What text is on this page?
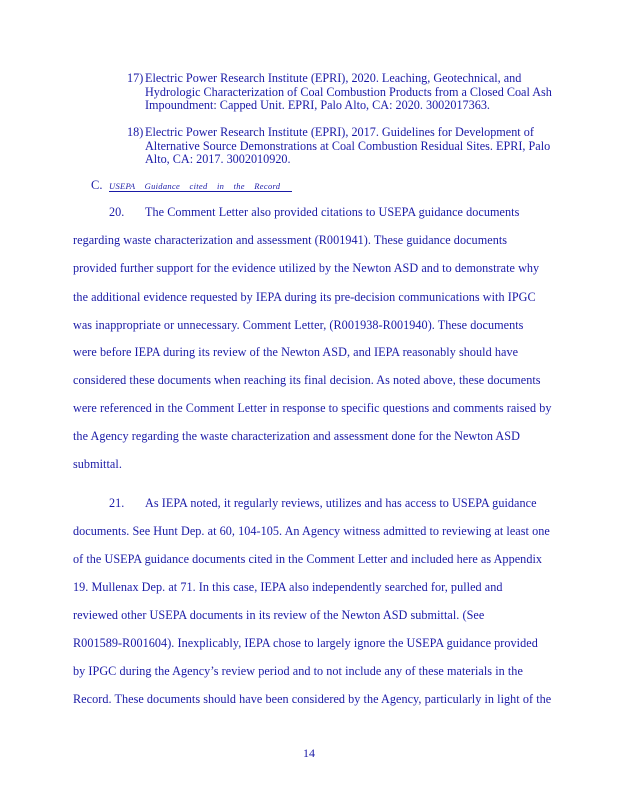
17) Electric Power Research Institute (EPRI), 2020. Leaching, Geotechnical, and Hydrologic Characterization of Coal Combustion Products from a Closed Coal Ash Impoundment: Capped Unit. EPRI, Palo Alto, CA: 2020. 3002017363.
18) Electric Power Research Institute (EPRI), 2017. Guidelines for Development of Alternative Source Demonstrations at Coal Combustion Residual Sites. EPRI, Palo Alto, CA: 2017. 3002010920.
C. USEPA Guidance cited in the Record
20. The Comment Letter also provided citations to USEPA guidance documents
regarding waste characterization and assessment (R001941). These guidance documents
provided further support for the evidence utilized by the Newton ASD and to demonstrate why
the additional evidence requested by IEPA during its pre-decision communications with IPGC
was inappropriate or unnecessary. Comment Letter, (R001938-R001940). These documents
were before IEPA during its review of the Newton ASD, and IEPA reasonably should have
considered these documents when reaching its final decision. As noted above, these documents
were referenced in the Comment Letter in response to specific questions and comments raised by
the Agency regarding the waste characterization and assessment done for the Newton ASD
submittal.
21. As IEPA noted, it regularly reviews, utilizes and has access to USEPA guidance
documents. See Hunt Dep. at 60, 104-105. An Agency witness admitted to reviewing at least one
of the USEPA guidance documents cited in the Comment Letter and included here as Appendix
19. Mullenax Dep. at 71. In this case, IEPA also independently searched for, pulled and
reviewed other USEPA documents in its review of the Newton ASD submittal. (See
R001589-R001604). Inexplicably, IEPA chose to largely ignore the USEPA guidance provided
by IPGC during the Agency’s review period and to not include any of these materials in the
Record. These documents should have been considered by the Agency, particularly in light of the
14
